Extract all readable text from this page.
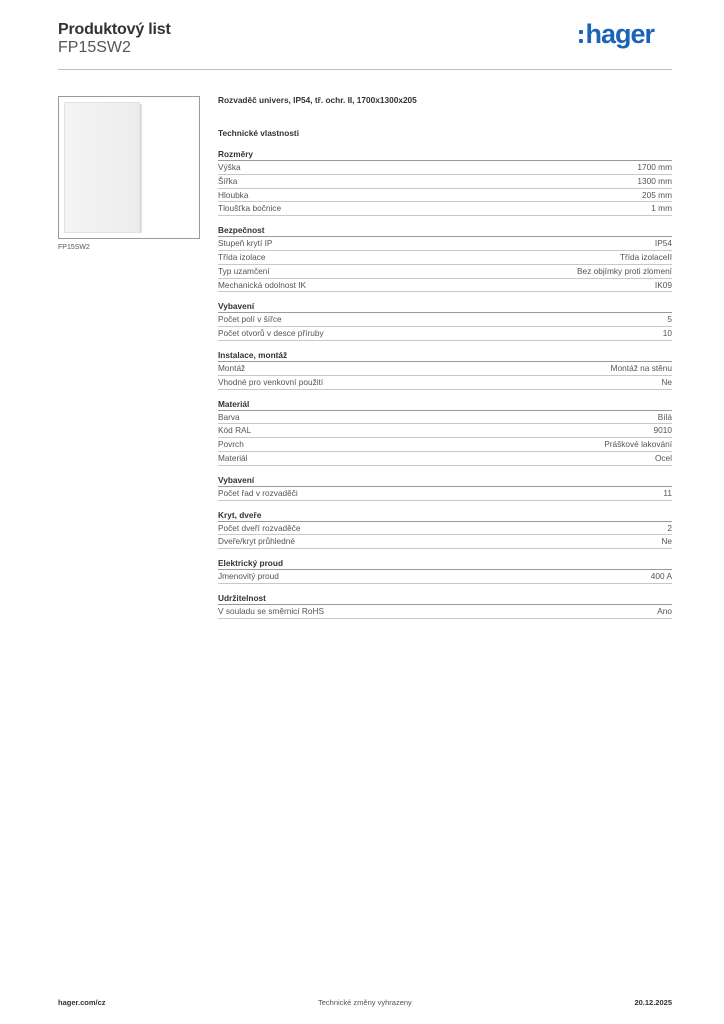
Produktový list
FP15SW2	hager
FP15SW2
Rozvaděč univers, IP54, tř. ochr. II, 1700x1300x205
Technické vlastnosti
Rozměry
Výška	1700 mm
Šířka	1300 mm
Hloubka	205 mm
Tloušťka bočnice	1 mm
Bezpečnost
Stupeň krytí IP	IP54
Třída izolace	Třída izolaceII
Typ uzamčení	Bez objímky proti zlomení
Mechanická odolnost IK	IK09
Vybavení
Počet polí v šířce	5
Počet otvorů v desce příruby	10
Instalace, montáž
Montáž	Montáž na stěnu
Vhodné pro venkovní použití	Ne
Materiál
Barva	Bílá
Kód RAL	9010
Povrch	Práškové lakování
Materiál	Ocel
Vybavení
Počet řad v rozvaděči	11
Kryt, dveře
Počet dveří rozvaděče	2
Dveře/kryt průhledné	Ne
Elektrický proud
Jmenovitý proud	400 A
Udržitelnost
V souladu se směrnicí RoHS	Ano
hager.com/cz	Technické změny vyhrazeny	20.12.2025
